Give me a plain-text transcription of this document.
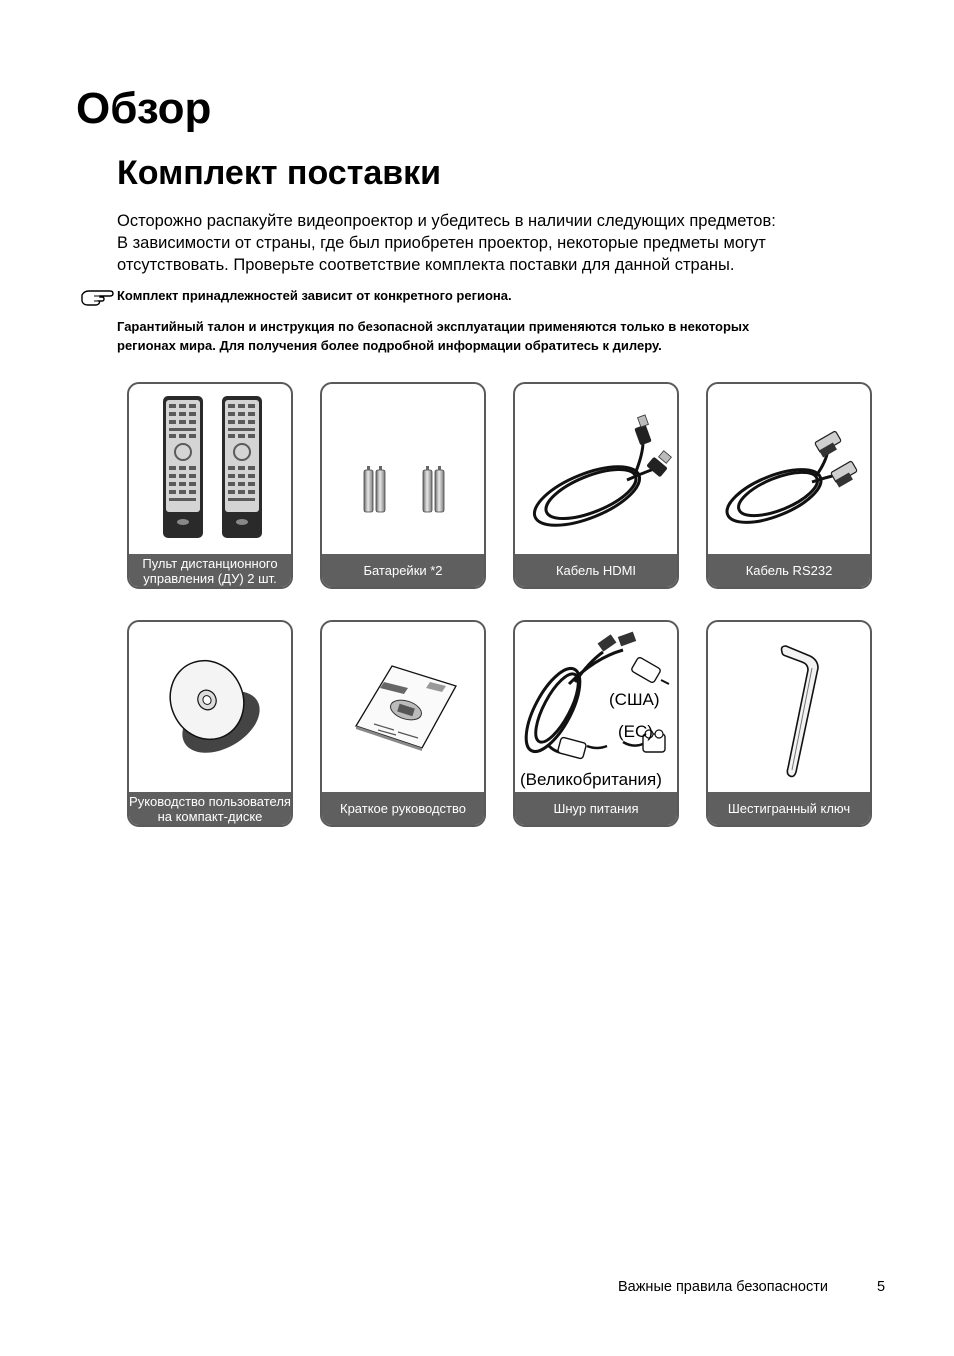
Обзор
Комплект поставки

Осторожно распакуйте видеопроектор и убедитесь в наличии следующих предметов:
В зависимости от страны, где был приобретен проектор, некоторые предметы могут
отсутствовать. Проверьте соответствие комплекта поставки для данной страны.

Комплект принадлежностей зависит от конкретного региона.

Гарантийный талон и инструкция по безопасной эксплуатации применяются только в некоторых
регионах мира. Для получения более подробной информации обратитесь к дилеру.

Пульт дистанционного
управления (ДУ) 2 шт.	Батарейки *2	Кабель HDMI	Кабель RS232
Руководство пользователя
на компакт-диске	Краткое руководство
(США)
(ЕС)
(Великобритания)
Шнур питания	Шестигранный ключ

Важные правила безопасности	5
